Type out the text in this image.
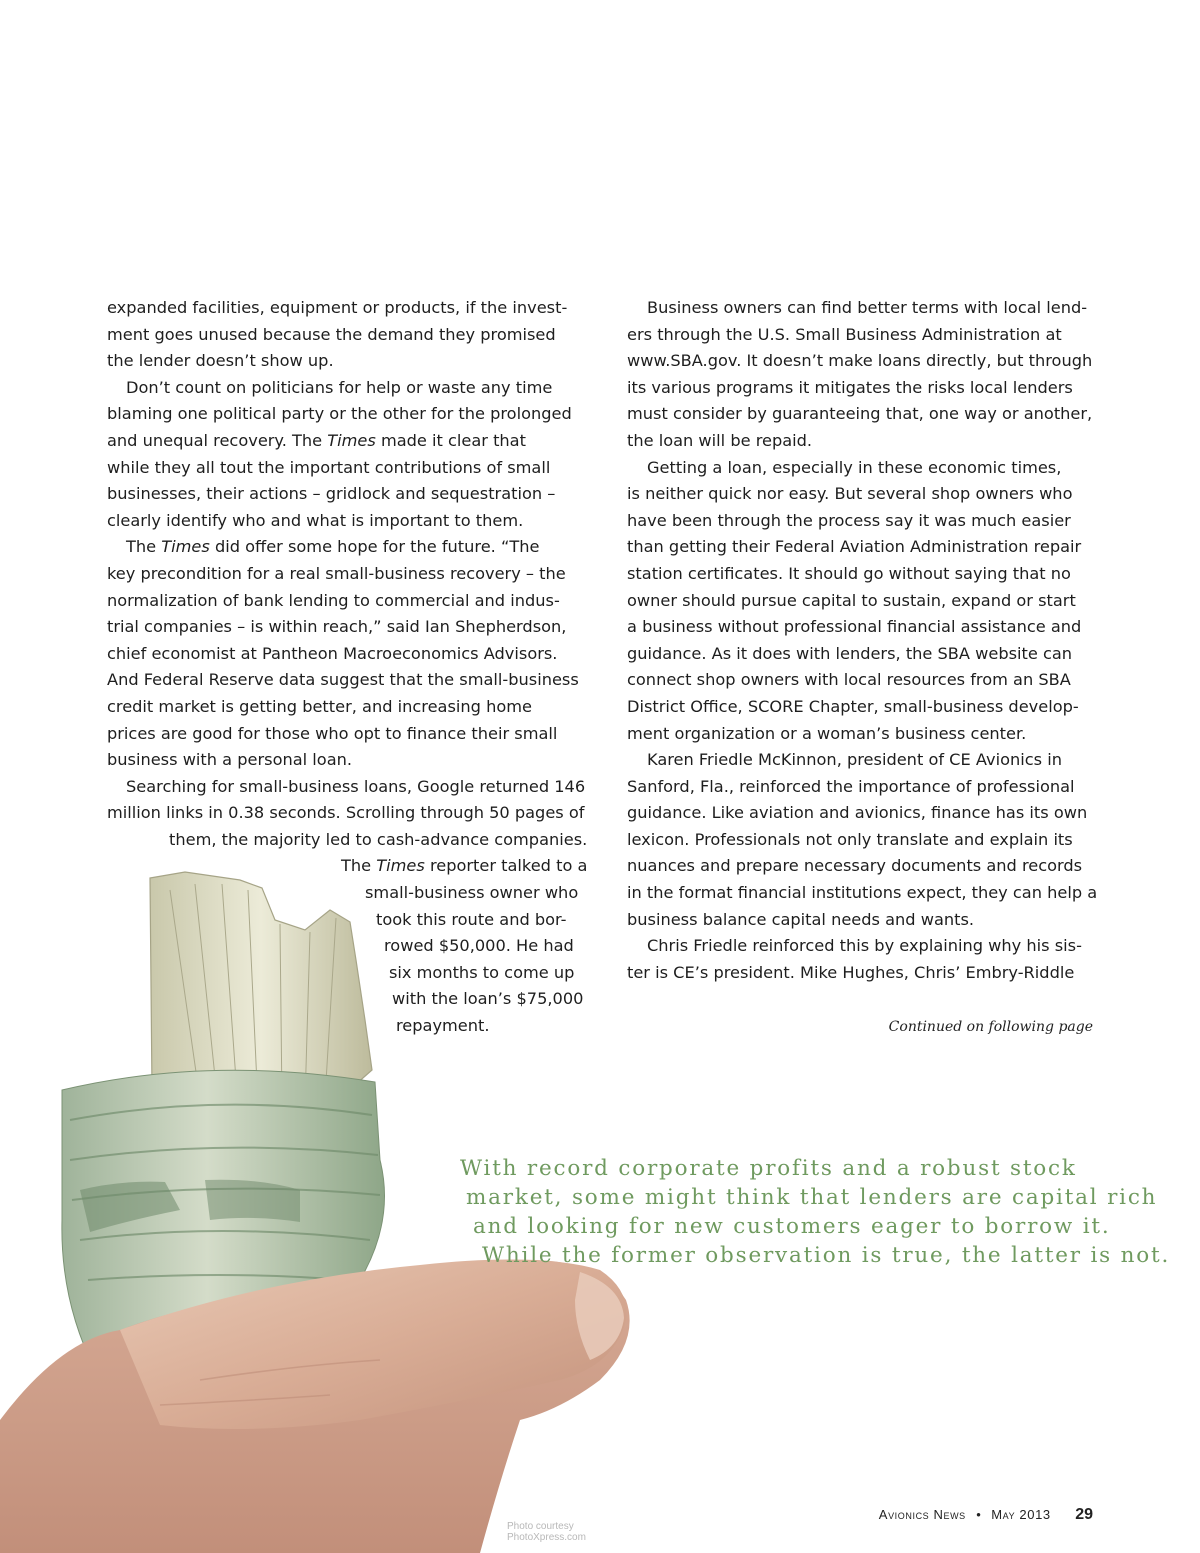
expanded facilities, equipment or products, if the invest-
ment goes unused because the demand they promised
the lender doesn’t show up.
Don’t count on politicians for help or waste any time
blaming one political party or the other for the prolonged
and unequal recovery. The Times made it clear that
while they all tout the important contributions of small
businesses, their actions – gridlock and sequestration –
clearly identify who and what is important to them.
The Times did offer some hope for the future. “The
key precondition for a real small-business recovery – the
normalization of bank lending to commercial and indus-
trial companies – is within reach,” said Ian Shepherdson,
chief economist at Pantheon Macroeconomics Advisors.
And Federal Reserve data suggest that the small-business
credit market is getting better, and increasing home
prices are good for those who opt to finance their small
business with a personal loan.
Searching for small-business loans, Google returned 146
million links in 0.38 seconds. Scrolling through 50 pages of
them, the majority led to cash-advance companies.
The Times reporter talked to a
small-business owner who
took this route and bor-
rowed $50,000. He had
six months to come up
with the loan’s $75,000
repayment.
Business owners can find better terms with local lend-
ers through the U.S. Small Business Administration at
www.SBA.gov. It doesn’t make loans directly, but through
its various programs it mitigates the risks local lenders
must consider by guaranteeing that, one way or another,
the loan will be repaid.
Getting a loan, especially in these economic times,
is neither quick nor easy. But several shop owners who
have been through the process say it was much easier
than getting their Federal Aviation Administration repair
station certificates. It should go without saying that no
owner should pursue capital to sustain, expand or start
a business without professional financial assistance and
guidance. As it does with lenders, the SBA website can
connect shop owners with local resources from an SBA
District Office, SCORE Chapter, small-business develop-
ment organization or a woman’s business center.
Karen Friedle McKinnon, president of CE Avionics in
Sanford, Fla., reinforced the importance of professional
guidance. Like aviation and avionics, finance has its own
lexicon. Professionals not only translate and explain its
nuances and prepare necessary documents and records
in the format financial institutions expect, they can help a
business balance capital needs and wants.
Chris Friedle reinforced this by explaining why his sis-
ter is CE’s president. Mike Hughes, Chris’ Embry-Riddle
Continued on following page
With record corporate profits and a robust stock
market, some might think that lenders are capital rich
and looking for new customers eager to borrow it.
While the former observation is true, the latter is not.
Photo courtesy
PhotoXpress.com
Avionics News • May 2013 29
